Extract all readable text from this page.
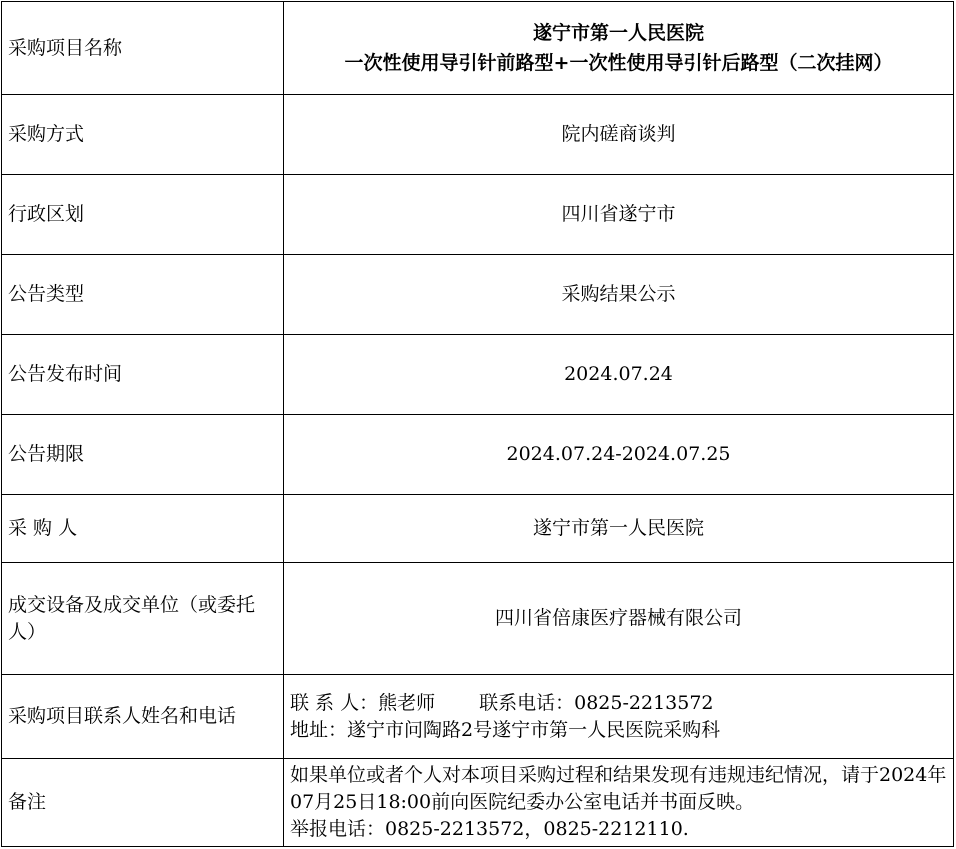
采购项目名称	遂宁市第一人民医院
一次性使用导引针前路型+一次性使用导引针后路型（二次挂网）

采购方式	院内磋商谈判
行政区划	四川省遂宁市
公告类型	采购结果公示
公告发布时间	2024.07.24
公告期限	2024.07.24-2024.07.25
采 购 人	遂宁市第一人民医院
成交设备及成交单位（或委托人）	四川省倍康医疗器械有限公司
采购项目联系人姓名和电话	联 系 人：熊老师　　 联系电话：0825-2213572
地址：遂宁市问陶路2号遂宁市第一人民医院采购科

备注	如果单位或者个人对本项目采购过程和结果发现有违规违纪情况，请于2024年07月25日18:00前向医院纪委办公室电话并书面反映。
举报电话：0825-2213572，0825-2212110.
